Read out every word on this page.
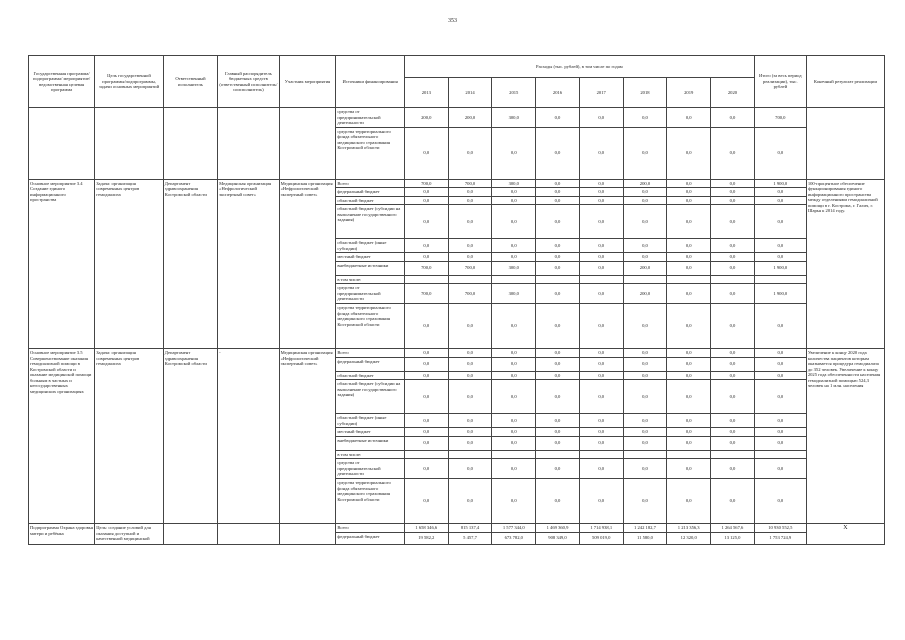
353
Государственная программа/подпрограмма/ мероприятие/ ведомственная целевая программа	Цель государственной программы/подпрограммы, задачи основных мероприятий	Ответственный исполнитель	Главный распорядитель бюджетных средств (ответственный исполнитель/ соисполнитель)	Участник мероприятия	Источники финансирования	Расходы (тыс. рублей), в том числе по годам								Итого (за весь период реализации), тыс. рублей	Конечный результат реализации
						2013	2014	2015	2016	2017	2018	2019	2020		
					средства от предпринимательской деятельности	200,0	200,0	300,0	0,0	0,0	0,0	0,0	0,0	700,0	
					средства территориального фонда обязательного медицинского страхования Костромской области	0,0	0,0	0,0	0,0	0,0	0,0	0,0	0,0	0,0	
Основное мероприятие 3.4 Создание единого информационного пространства	Задача: организация современных центров гемодиализа	Департамент здравоохранения Костромской области	Медицинская организация «Нефрологический экспертный совет»	Медицинская организация «Нефрологический экспертный совет»	Всего	700,0	700,0	300,0	0,0	0,0	200,0	0,0	0,0	1 900,0	100-процентное обеспечение функционирования единого информационного пространства между отделениями гемодиализной помощи в г. Кострома, г. Галич, г. Шарья к 2014 году.
					федеральный бюджет	0,0	0,0	0,0	0,0	0,0	0,0	0,0	0,0	0,0	
					областной бюджет	0,0	0,0	0,0	0,0	0,0	0,0	0,0	0,0	0,0	
					областной бюджет (субсидии на выполнение государственного задания)	0,0	0,0	0,0	0,0	0,0	0,0	0,0	0,0	0,0	
					областной бюджет (иные субсидии)	0,0	0,0	0,0	0,0	0,0	0,0	0,0	0,0	0,0	
					местный бюджет	0,0	0,0	0,0	0,0	0,0	0,0	0,0	0,0	0,0	
					внебюджетные источники	700,0	700,0	300,0	0,0	0,0	200,0	0,0	0,0	1 900,0	
					в том числе:										
					средства от предпринимательской деятельности	700,0	700,0	300,0	0,0	0,0	200,0	0,0	0,0	1 900,0	
					средства территориального фонда обязательного медицинского страхования Костромской области	0,0	0,0	0,0	0,0	0,0	0,0	0,0	0,0	0,0	
Основное мероприятие 3.5 Совершенствование оказания гемодиализной помощи в Костромской области и оказание медицинской помощи больным в частных и негосударственных медицинских организациях	Задача: организация современных центров гемодиализа	Департамент здравоохранения Костромской области	-	Медицинская организация «Нефрологический экспертный совет»	Всего	0,0	0,0	0,0	0,0	0,0	0,0	0,0	0,0	0,0	Увеличение к концу 2020 года количества пациентов которым оказывается процедура гемодиализа до 352 человек. Увеличение к концу 2025 года обеспеченности населения гемодиализной помощью 524,3 человек на 1 млн. населения
					федеральный бюджет	0,0	0,0	0,0	0,0	0,0	0,0	0,0	0,0	0,0	
					областной бюджет	0,0	0,0	0,0	0,0	0,0	0,0	0,0	0,0	0,0	
					областной бюджет (субсидии на выполнение государственного задания)	0,0	0,0	0,0	0,0	0,0	0,0	0,0	0,0	0,0	
					областной бюджет (иные субсидии)	0,0	0,0	0,0	0,0	0,0	0,0	0,0	0,0	0,0	
					местный бюджет	0,0	0,0	0,0	0,0	0,0	0,0	0,0	0,0	0,0	
					внебюджетные источники	0,0	0,0	0,0	0,0	0,0	0,0	0,0	0,0	0,0	
					в том числе:										
					средства от предпринимательской деятельности	0,0	0,0	0,0	0,0	0,0	0,0	0,0	0,0	0,0	
					средства территориального фонда обязательного медицинского страхования Костромской области	0,0	0,0	0,0	0,0	0,0	0,0	0,0	0,0	0,0	
Подпрограмма Охрана здоровья матери и ребёнка	Цель: создание условий для оказания доступной и качественной медицинской				Всего	1 658 346,6	815 137,4	1 577 344,0	1 469 360,9	1 714 938,1	1 242 182,7	1 213 356,3	1 264 567,6	10 930 552,5	X
					федеральный бюджет	19 582,2	5 457,7	673 782,0	908 349,0	509 019,0	11 580,0	12 320,0	13 125,0	1 753 724,9	
